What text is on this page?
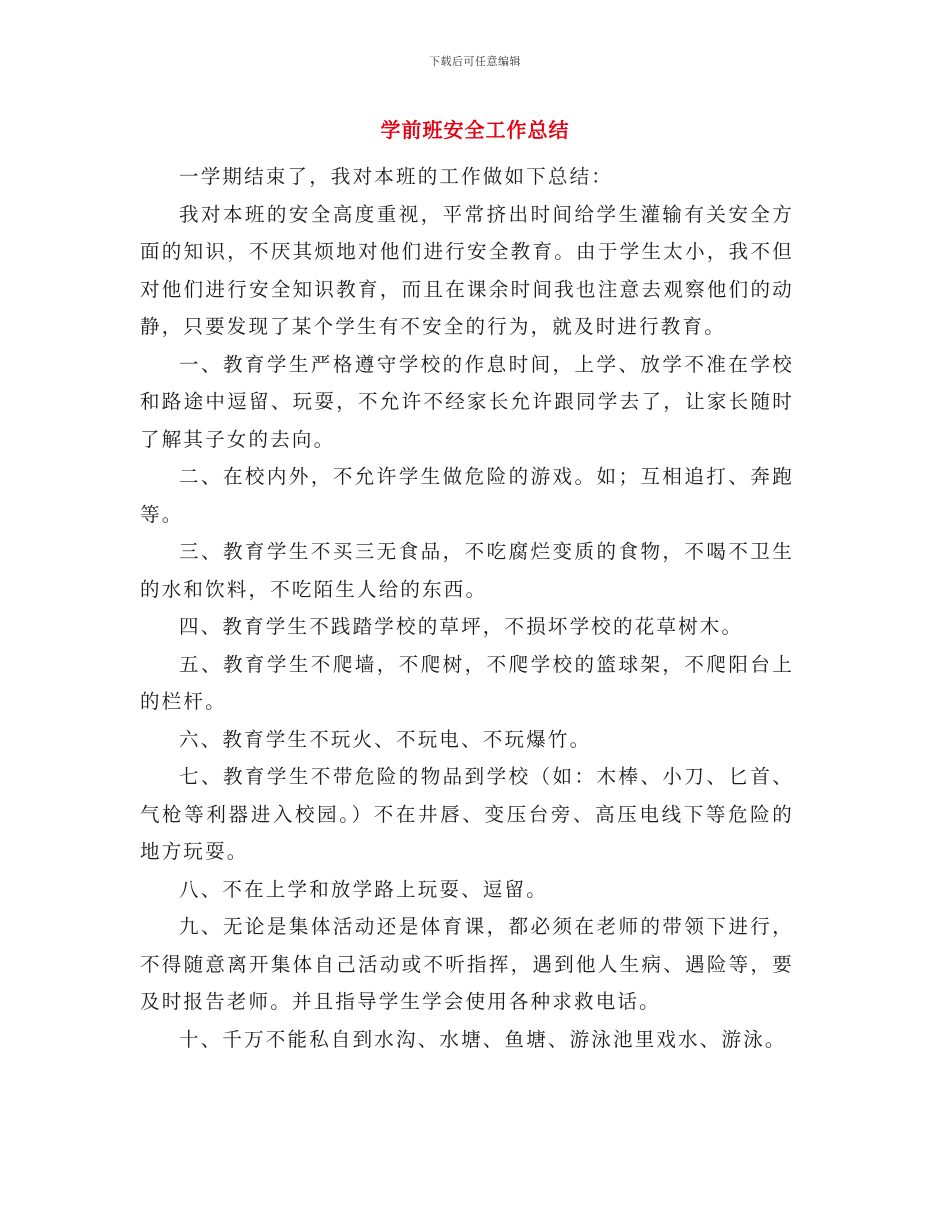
下载后可任意编辑
学前班安全工作总结

一学期结束了，我对本班的工作做如下总结：

我对本班的安全高度重视，平常挤出时间给学生灌输有关安全方面的知识，不厌其烦地对他们进行安全教育。由于学生太小，我不但对他们进行安全知识教育，而且在课余时间我也注意去观察他们的动静，只要发现了某个学生有不安全的行为，就及时进行教育。

一、教育学生严格遵守学校的作息时间，上学、放学不准在学校和路途中逗留、玩耍，不允许不经家长允许跟同学去了，让家长随时了解其子女的去向。

二、在校内外，不允许学生做危险的游戏。如；互相追打、奔跑等。

三、教育学生不买三无食品，不吃腐烂变质的食物，不喝不卫生的水和饮料，不吃陌生人给的东西。

四、教育学生不践踏学校的草坪，不损坏学校的花草树木。

五、教育学生不爬墙，不爬树，不爬学校的篮球架，不爬阳台上的栏杆。

六、教育学生不玩火、不玩电、不玩爆竹。

七、教育学生不带危险的物品到学校（如：木棒、小刀、匕首、气枪等利器进入校园。）不在井唇、变压台旁、高压电线下等危险的地方玩耍。

八、不在上学和放学路上玩耍、逗留。

九、无论是集体活动还是体育课，都必须在老师的带领下进行，不得随意离开集体自己活动或不听指挥，遇到他人生病、遇险等，要及时报告老师。并且指导学生学会使用各种求救电话。

十、千万不能私自到水沟、水塘、鱼塘、游泳池里戏水、游泳。
